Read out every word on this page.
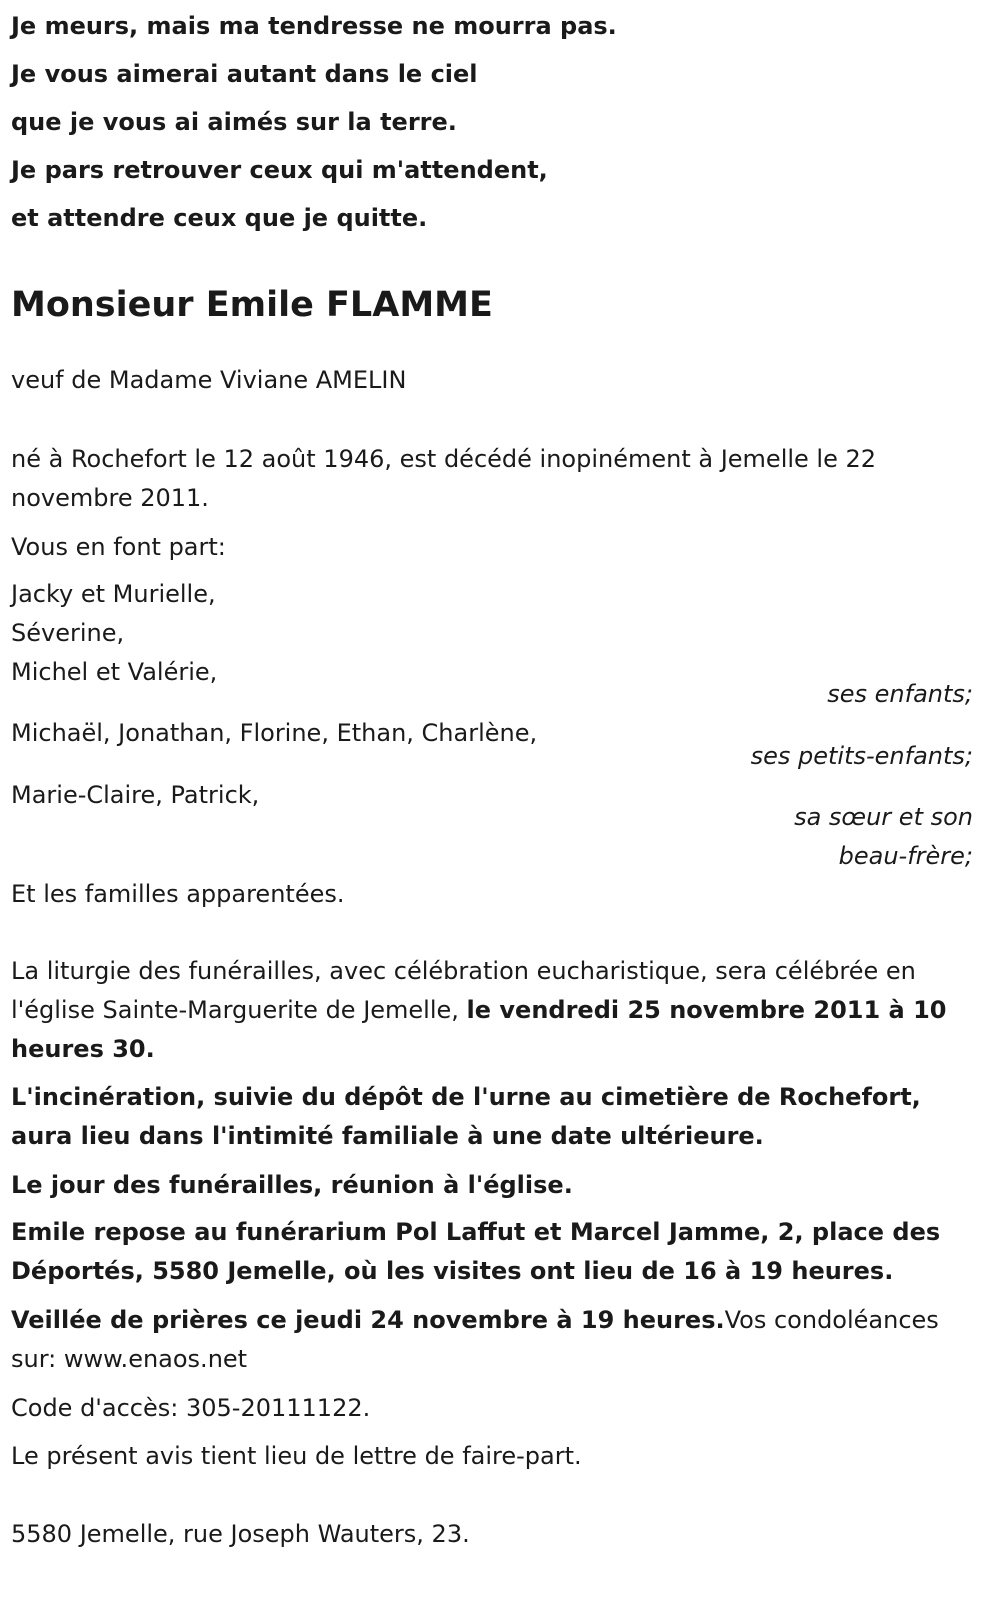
Je meurs, mais ma tendresse ne mourra pas.

Je vous aimerai autant dans le ciel

que je vous ai aimés sur la terre.

Je pars retrouver ceux qui m'attendent,

et attendre ceux que je quitte.

Monsieur Emile FLAMME

veuf de Madame Viviane AMELIN

né à Rochefort le 12 août 1946, est décédé inopinément à Jemelle le 22 novembre 2011.

Vous en font part:

Jacky et Murielle,

Séverine,

Michel et Valérie,

ses enfants;

Michaël, Jonathan, Florine, Ethan, Charlène,

ses petits-enfants;

Marie-Claire, Patrick,

sa sœur et son
beau-frère;

Et les familles apparentées.

La liturgie des funérailles, avec célébration eucharistique, sera célébrée en l'église Sainte-Marguerite de Jemelle, le vendredi 25 novembre 2011 à 10 heures 30.

L'incinération, suivie du dépôt de l'urne au cimetière de Rochefort, aura lieu dans l'intimité familiale à une date ultérieure.

Le jour des funérailles, réunion à l'église.

Emile repose au funérarium Pol Laffut et Marcel Jamme, 2, place des Déportés, 5580 Jemelle, où les visites ont lieu de 16 à 19 heures.

Veillée de prières ce jeudi 24 novembre à 19 heures.Vos condoléances sur: www.enaos.net

Code d'accès: 305-20111122.

Le présent avis tient lieu de lettre de faire-part.

5580 Jemelle, rue Joseph Wauters, 23.
